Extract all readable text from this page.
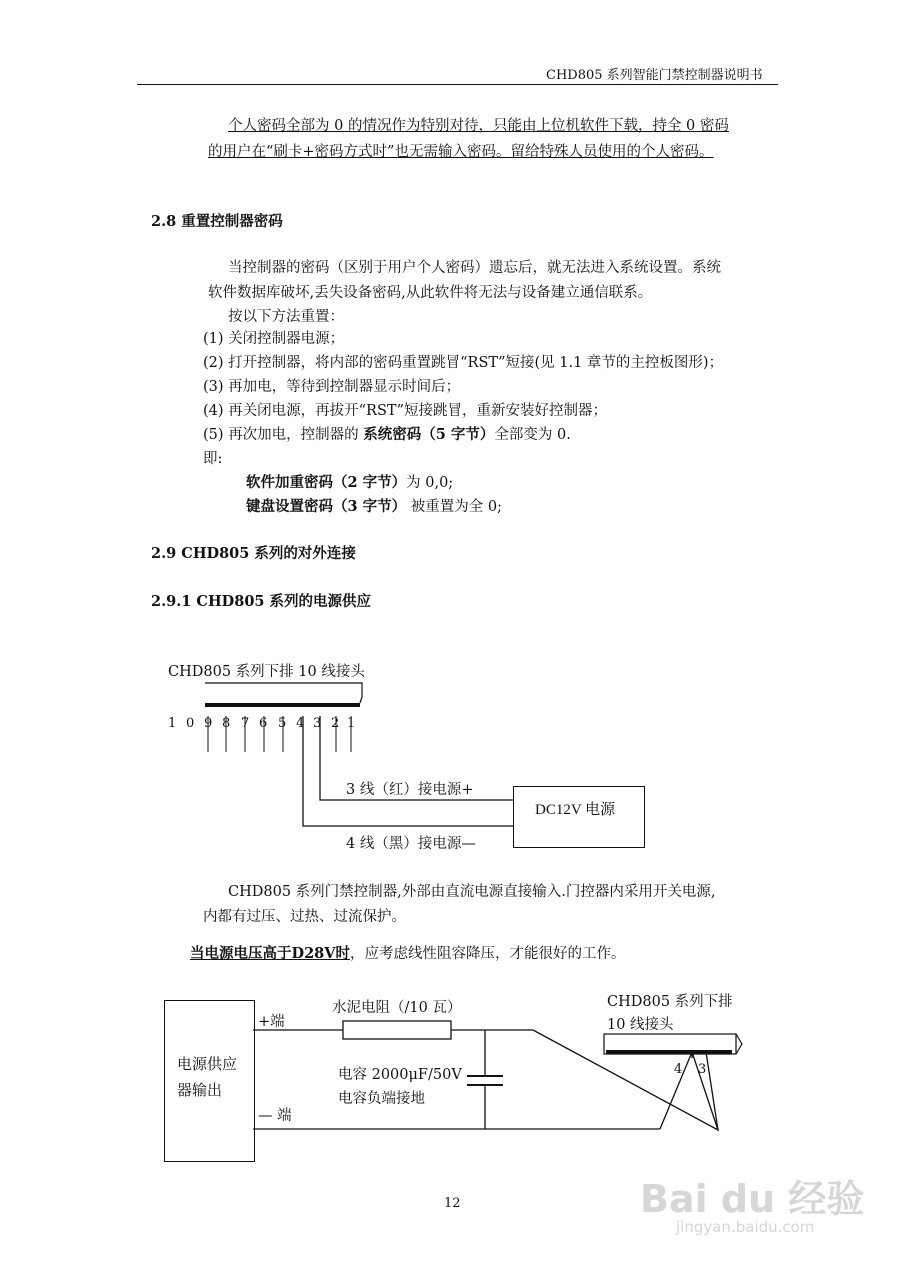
CHD805 系列智能门禁控制器说明书
个人密码全部为 0 的情况作为特别对待，只能由上位机软件下载，持全 0 密码
的用户在“刷卡+密码方式时”也无需输入密码。留给特殊人员使用的个人密码。
2.8 重置控制器密码
当控制器的密码（区别于用户个人密码）遗忘后，就无法进入系统设置。系统
软件数据库破坏,丢失设备密码,从此软件将无法与设备建立通信联系。
按以下方法重置：
(1) 关闭控制器电源；
(2) 打开控制器，将内部的密码重置跳冒“RST”短接(见 1.1 章节的主控板图形)；
(3) 再加电，等待到控制器显示时间后；
(4) 再关闭电源，再拔开“RST”短接跳冒，重新安装好控制器；
(5) 再次加电，控制器的 系统密码（5 字节）全部变为 0.
即:
软件加重密码（2 字节）为 0,0;
键盘设置密码（3 字节） 被重置为全 0;
2.9 CHD805 系列的对外连接
2.9.1 CHD805 系列的电源供应
CHD805 系列下排 10 线接头
1 0 9 8 7 6 5 4 3 2 1
3 线（红）接电源+
4 线（黑）接电源—
DC12V 电源
CHD805 系列门禁控制器,外部由直流电源直接输入.门控器内采用开关电源,
内都有过压、过热、过流保护。
当电源电压高于D28V时，应考虑线性阻容降压，才能很好的工作。
电源供应
器输出
+端
— 端
水泥电阻（/10 瓦）
电容 2000μF/50V
电容负端接地
CHD805 系列下排
10 线接头
4 3
12	Bai du 经验
jingyan.baidu.com
